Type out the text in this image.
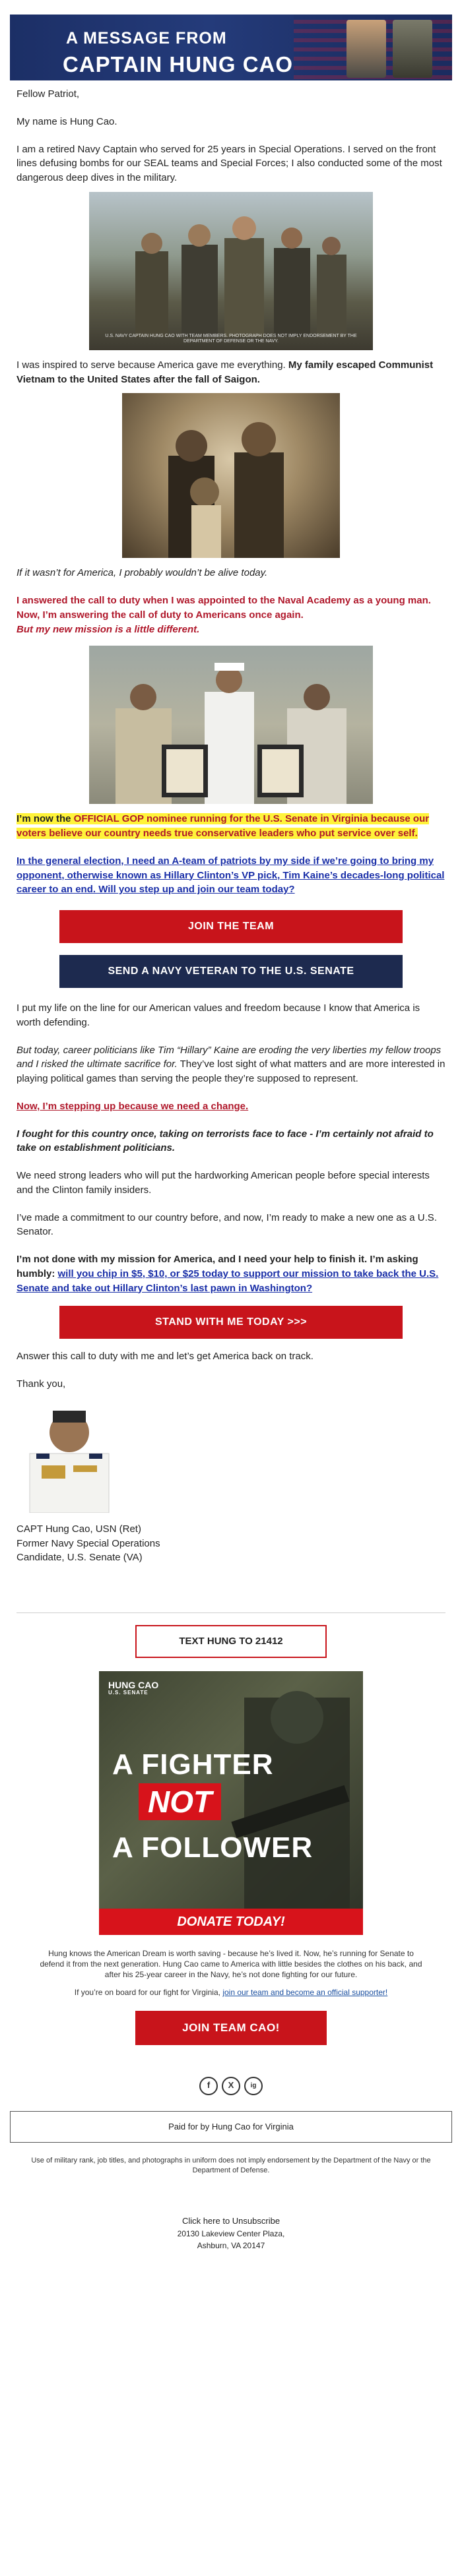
A MESSAGE FROM
CAPTAIN HUNG CAO

Fellow Patriot,

My name is Hung Cao.

I am a retired Navy Captain who served for 25 years in Special Operations. I served on the front lines defusing bombs for our SEAL teams and Special Forces; I also conducted some of the most dangerous deep dives in the military.

U.S. NAVY CAPTAIN HUNG CAO WITH TEAM MEMBERS. PHOTOGRAPH DOES NOT IMPLY ENDORSEMENT BY THE DEPARTMENT OF DEFENSE OR THE NAVY.

I was inspired to serve because America gave me everything. My family escaped Communist Vietnam to the United States after the fall of Saigon.

If it wasn’t for America, I probably wouldn’t be alive today.

I answered the call to duty when I was appointed to the Naval Academy as a young man. Now, I’m answering the call of duty to Americans once again.

But my new mission is a little different.

I’m now the OFFICIAL GOP nominee running for the U.S. Senate in Virginia because our voters believe our country needs true conservative leaders who put service over self.

In the general election, I need an A-team of patriots by my side if we’re going to bring my opponent, otherwise known as Hillary Clinton’s VP pick, Tim Kaine’s decades-long political career to an end. Will you step up and join our team today?

JOIN THE TEAM
SEND A NAVY VETERAN TO THE U.S. SENATE

I put my life on the line for our American values and freedom because I know that America is worth defending.

But today, career politicians like Tim “Hillary” Kaine are eroding the very liberties my fellow troops and I risked the ultimate sacrifice for. They’ve lost sight of what matters and are more interested in playing political games than serving the people they’re supposed to represent.

Now, I’m stepping up because we need a change.

I fought for this country once, taking on terrorists face to face - I’m certainly not afraid to take on establishment politicians.

We need strong leaders who will put the hardworking American people before special interests and the Clinton family insiders.

I’ve made a commitment to our country before, and now, I’m ready to make a new one as a U.S. Senator.

I’m not done with my mission for America, and I need your help to finish it. I’m asking humbly: will you chip in $5, $10, or $25 today to support our mission to take back the U.S. Senate and take out Hillary Clinton’s last pawn in Washington?

STAND WITH ME TODAY >>>

Answer this call to duty with me and let’s get America back on track.

Thank you,

CAPT Hung Cao, USN (Ret)

Former Navy Special Operations

Candidate, U.S. Senate (VA)

TEXT HUNG TO 21412
HUNG CAO
U.S. SENATE
A FIGHTER
NOT
A FOLLOWER
DONATE TODAY!

Hung knows the American Dream is worth saving - because he’s lived it. Now, he’s running for Senate to defend it from the next generation. Hung Cao came to America with little besides the clothes on his back, and after his 25-year career in the Navy, he’s not done fighting for our future.

If you’re on board for our fight for Virginia, join our team and become an official supporter!

JOIN TEAM CAO!
f	X	ig
Paid for by Hung Cao for Virginia

Use of military rank, job titles, and photographs in uniform does not imply endorsement by the Department of the Navy or the Department of Defense.

Click here to Unsubscribe
20130 Lakeview Center Plaza,
Ashburn, VA 20147
